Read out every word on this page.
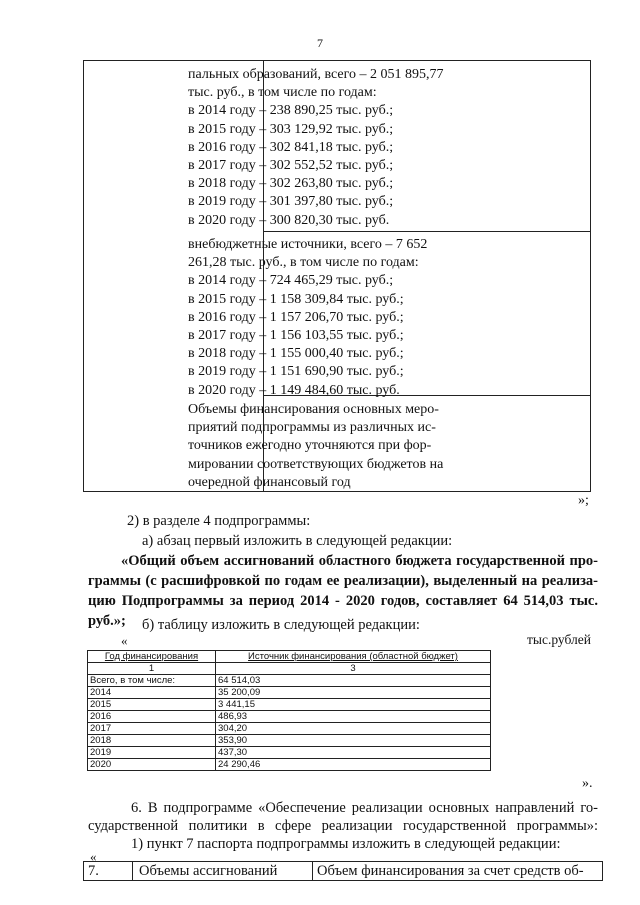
7
пальных образований, всего – 2 051 895,77
тыс. руб., в том числе по годам:
в 2014 году – 238 890,25 тыс. руб.;
в 2015 году – 303 129,92 тыс. руб.;
в 2016 году – 302 841,18 тыс. руб.;
в 2017 году – 302 552,52 тыс. руб.;
в 2018 году – 302 263,80 тыс. руб.;
в 2019 году – 301 397,80 тыс. руб.;
в 2020 году – 300 820,30 тыс. руб.
внебюджетные источники, всего – 7 652
261,28 тыс. руб., в том числе по годам:
в 2014 году – 724 465,29 тыс. руб.;
в 2015 году – 1 158 309,84 тыс. руб.;
в 2016 году – 1 157 206,70 тыс. руб.;
в 2017 году – 1 156 103,55 тыс. руб.;
в 2018 году – 1 155 000,40 тыс. руб.;
в 2019 году – 1 151 690,90 тыс. руб.;
в 2020 году – 1 149 484,60 тыс. руб.
Объемы финансирования основных меро-
приятий подпрограммы из различных ис-
точников ежегодно уточняются при фор-
мировании соответствующих бюджетов на
очередной финансовый год
»;
2) в разделе 4 подпрограммы:
а) абзац первый изложить в следующей редакции:
«Общий объем ассигнований областного бюджета государственной про-
граммы (с расшифровкой по годам ее реализации), выделенный на реализа-
цию Подпрограммы за период 2014 - 2020 годов, составляет 64 514,03 тыс.
руб.»; б) таблицу изложить в следующей редакции:
«	тыс.рублей
Год финансирования	Источник финансирования (областной бюджет)
1	3
Всего, в том числе:	64 514,03
2014	35 200,09
2015	3 441,15
2016	486,93
2017	304,20
2018	353,90
2019	437,30
2020	24 290,46
».
6. В подпрограмме «Обеспечение реализации основных направлений го-
сударственной политики в сфере реализации государственной программы»:
1) пункт 7 паспорта подпрограммы изложить в следующей редакции:
«
7.	Объемы ассигнований	Объем финансирования за счет средств об-
